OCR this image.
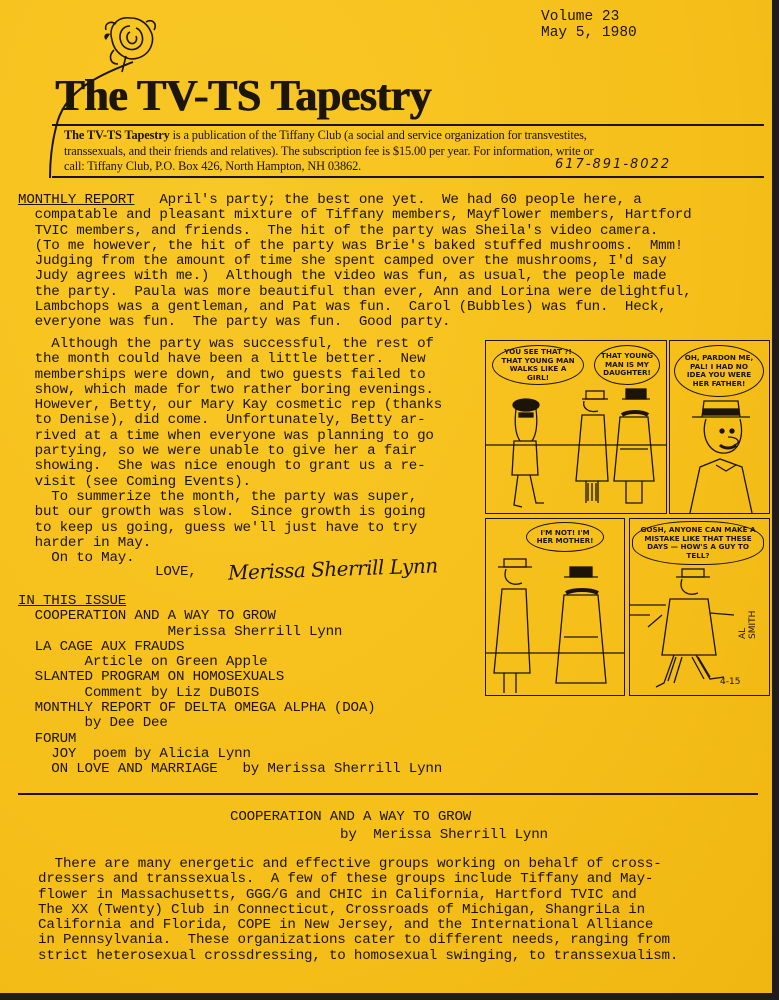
Volume 23
May 5, 1980
The TV-TS Tapestry
The TV-TS Tapestry is a publication of the Tiffany Club (a social and service organization for transvestites,
transsexuals, and their friends and relatives). The subscription fee is $15.00 per year. For information, write or
call: Tiffany Club, P.O. Box 426, North Hampton, NH 03862.	617-891-8022
MONTHLY REPORT   April's party; the best one yet.  We had 60 people here, a
compatable and pleasant mixture of Tiffany members, Mayflower members, Hartford
TVIC members, and friends.  The hit of the party was Sheila's video camera.
(To me however, the hit of the party was Brie's baked stuffed mushrooms.  Mmm!
Judging from the amount of time she spent camped over the mushrooms, I'd say
Judy agrees with me.)  Although the video was fun, as usual, the people made
the party.  Paula was more beautiful than ever, Ann and Lorina were delightful,
Lambchops was a gentleman, and Pat was fun.  Carol (Bubbles) was fun.  Heck,
everyone was fun.  The party was fun.  Good party.
Although the party was successful, the rest of
the month could have been a little better.  New
memberships were down, and two guests failed to
show, which made for two rather boring evenings.
However, Betty, our Mary Kay cosmetic rep (thanks
to Denise), did come.  Unfortunately, Betty ar-
rived at a time when everyone was planning to go
partying, so we were unable to give her a fair
showing.  She was nice enough to grant us a re-
visit (see Coming Events).
To summerize the month, the party was super,
but our growth was slow.  Since growth is going
to keep us going, guess we'll just have to try
harder in May.
On to May.
LOVE, Merissa Sherrill Lynn
IN THIS ISSUE
COOPERATION AND A WAY TO GROW
Merissa Sherrill Lynn
LA CAGE AUX FRAUDS
Article on Green Apple
SLANTED PROGRAM ON HOMOSEXUALS
Comment by Liz DuBOIS
MONTHLY REPORT OF DELTA OMEGA ALPHA (DOA)
by Dee Dee
FORUM
JOY  poem by Alicia Lynn
ON LOVE AND MARRIAGE   by Merissa Sherrill Lynn
YOU SEE THAT ?! THAT YOUNG MAN WALKS LIKE A GIRL!
THAT YOUNG MAN IS MY DAUGHTER!
OH, PARDON ME, PAL! I HAD NO IDEA YOU WERE HER FATHER!
I'M NOT! I'M HER MOTHER!
GOSH, ANYONE CAN MAKE A MISTAKE LIKE THAT THESE DAYS — HOW'S A GUY TO TELL?
4-15
AL SMITH
COOPERATION AND A WAY TO GROW
by  Merissa Sherrill Lynn
There are many energetic and effective groups working on behalf of cross-
dressers and transsexuals.  A few of these groups include Tiffany and May-
flower in Massachusetts, GGG/G and CHIC in California, Hartford TVIC and
The XX (Twenty) Club in Connecticut, Crossroads of Michigan, ShangriLa in
California and Florida, COPE in New Jersey, and the International Alliance
in Pennsylvania.  These organizations cater to different needs, ranging from
strict heterosexual crossdressing, to homosexual swinging, to transsexualism.
